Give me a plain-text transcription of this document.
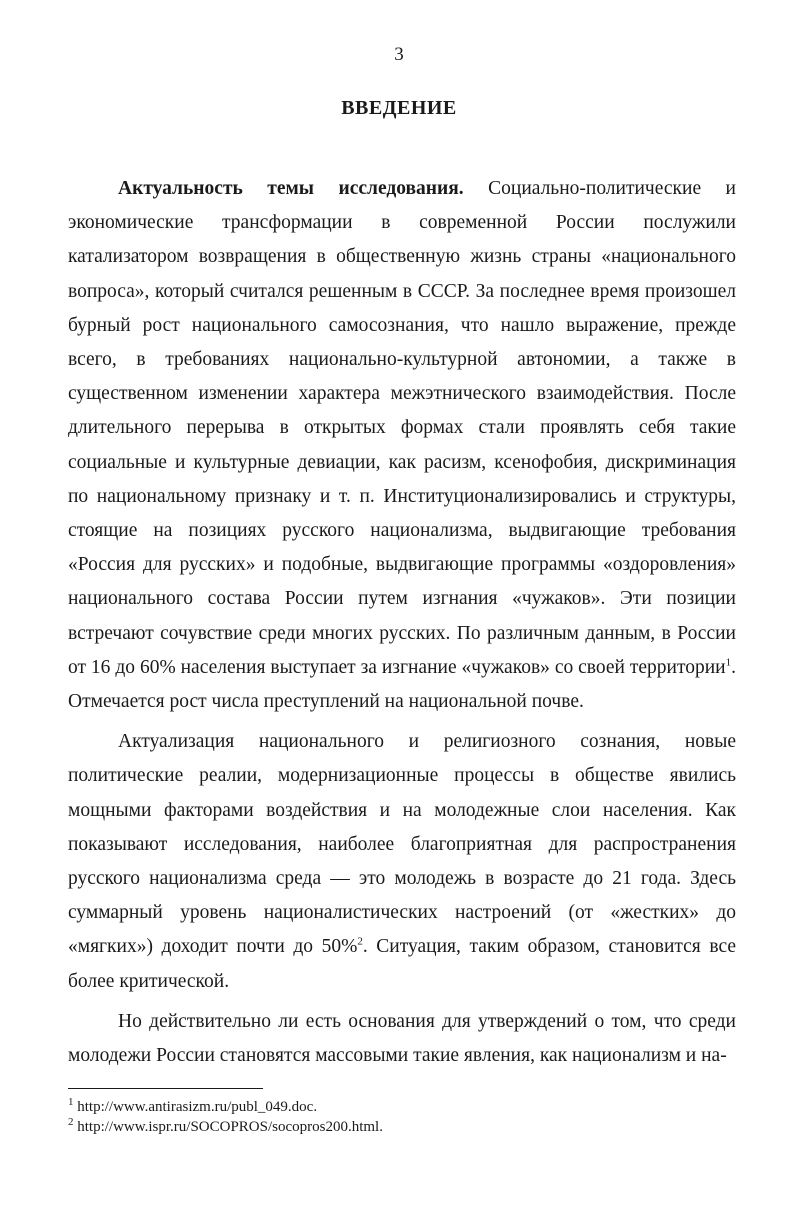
3
ВВЕДЕНИЕ

Актуальность темы исследования. Социально-политические и экономические трансформации в современной России послужили катализатором возвращения в общественную жизнь страны «национального вопроса», который считался решенным в СССР. За последнее время произошел бурный рост национального самосознания, что нашло выражение, прежде всего, в требованиях национально-культурной автономии, а также в существенном изменении характера межэтнического взаимодействия. После длительного перерыва в открытых формах стали проявлять себя такие социальные и культурные девиации, как расизм, ксенофобия, дискриминация по национальному признаку и т. п. Институционализировались и структуры, стоящие на позициях русского национализма, выдвигающие требования «Россия для русских» и подобные, выдвигающие программы «оздоровления» национального состава России путем изгнания «чужаков». Эти позиции встречают сочувствие среди многих русских. По различным данным, в России от 16 до 60% населения выступает за изгнание «чужаков» со своей территории$^1$. Отмечается рост числа преступлений на национальной почве.

Актуализация национального и религиозного сознания, новые политические реалии, модернизационные процессы в обществе явились мощными факторами воздействия и на молодежные слои населения. Как показывают исследования, наиболее благоприятная для распространения русского национализма среда — это молодежь в возрасте до 21 года. Здесь суммарный уровень националистических настроений (от «жестких» до «мягких») доходит почти до 50%$^2$. Ситуация, таким образом, становится все более критической.

Но действительно ли есть основания для утверждений о том, что среди молодежи России становятся массовыми такие явления, как национализм и на-

$^1$ http://www.antirasizm.ru/publ_049.doc.
$^2$ http://www.ispr.ru/SOCOPROS/socopros200.html.
